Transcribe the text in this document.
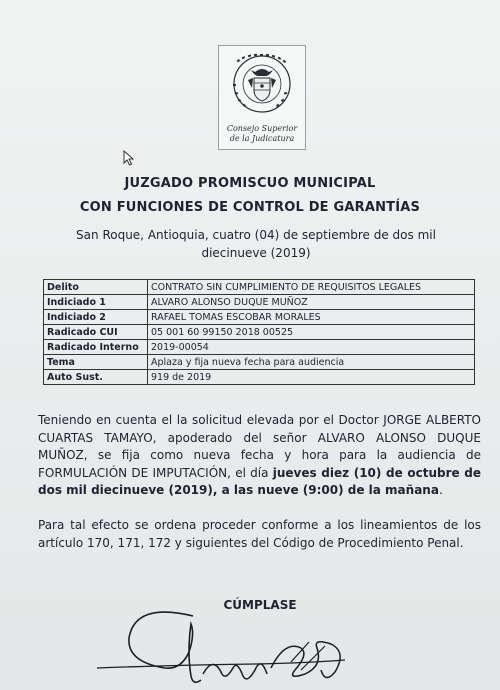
Consejo Superior
de la Judicatura
JUZGADO PROMISCUO MUNICIPAL
CON FUNCIONES DE CONTROL DE GARANTÍAS
San Roque, Antioquia, cuatro (04) de septiembre de dos mil diecinueve (2019)
Delito	CONTRATO SIN CUMPLIMIENTO DE REQUISITOS LEGALES
Indiciado 1	ALVARO ALONSO DUQUE MUÑOZ
Indiciado 2	RAFAEL TOMAS ESCOBAR MORALES
Radicado CUI	05 001 60 99150 2018 00525
Radicado Interno	2019-00054
Tema	Aplaza y fija nueva fecha para audiencia
Auto Sust.	919 de 2019
Teniendo en cuenta el la solicitud elevada por el Doctor JORGE ALBERTO CUARTAS TAMAYO, apoderado del señor ALVARO ALONSO DUQUE MUÑOZ, se fija como nueva fecha y hora para la audiencia de FORMULACIÓN DE IMPUTACIÓN, el día jueves diez (10) de octubre de dos mil diecinueve (2019), a las nueve (9:00) de la mañana.
Para tal efecto se ordena proceder conforme a los lineamientos de los artículo 170, 171, 172 y siguientes del Código de Procedimiento Penal.
CÚMPLASE
